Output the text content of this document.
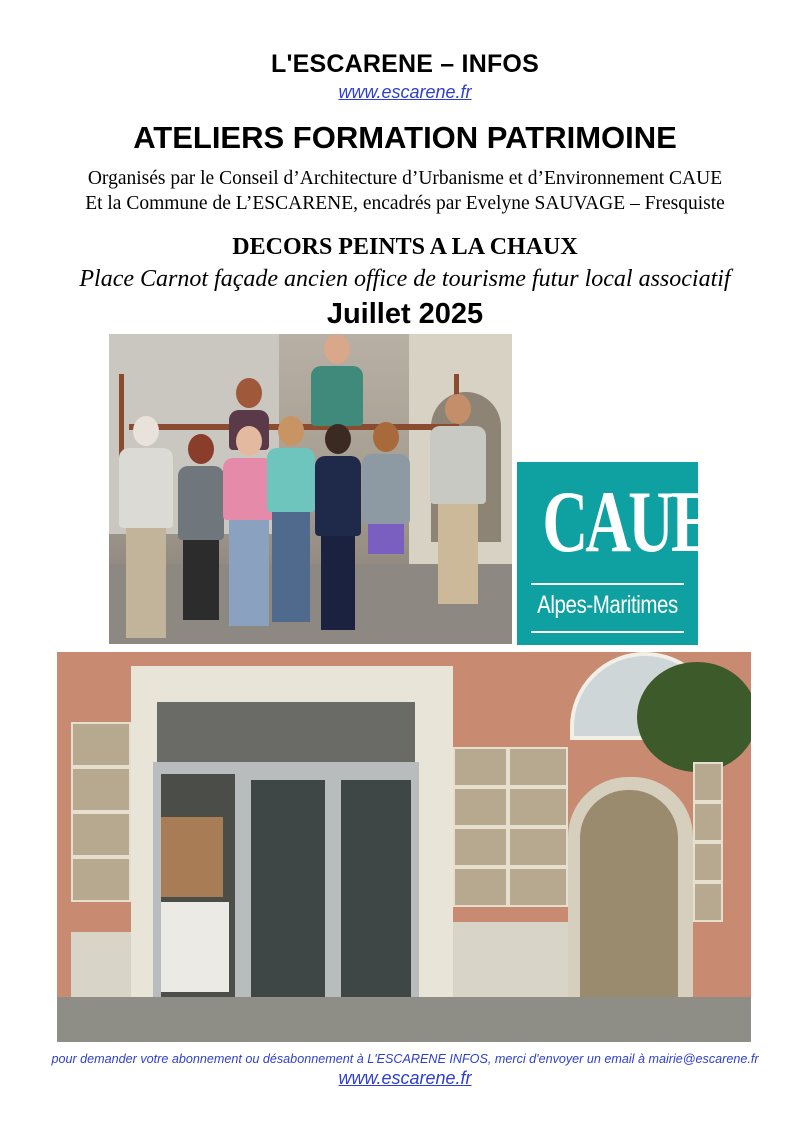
L'ESCARENE – INFOS
www.escarene.fr
ATELIERS FORMATION PATRIMOINE
Organisés par le Conseil d’Architecture d’Urbanisme et d’Environnement CAUE
Et la Commune de L’ESCARENE, encadrés par Evelyne SAUVAGE – Fresquiste
DECORS PEINTS A LA CHAUX
Place Carnot façade ancien office de tourisme futur local associatif
Juillet 2025
CAUE
Alpes-Maritimes
pour demander votre abonnement ou désabonnement à L'ESCARENE INFOS, merci d'envoyer un email à mairie@escarene.fr
www.escarene.fr
